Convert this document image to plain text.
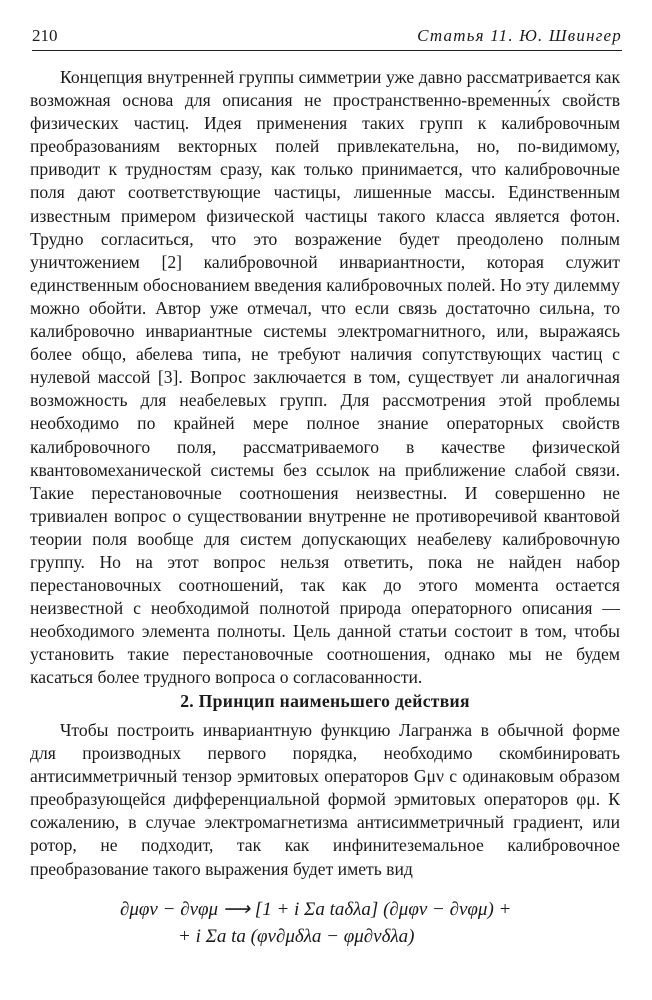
210	Статья 11. Ю. Швингер

Концепция внутренней группы симметрии уже давно рассматривается как возможная основа для описания не пространственно-временны́х свойств физических частиц. Идея применения таких групп к калибровочным преобразованиям векторных полей привлекательна, но, по-видимому, приводит к трудностям сразу, как только принимается, что калибровочные поля дают соответствующие частицы, лишенные массы. Единственным известным примером физической частицы такого класса является фотон. Трудно согласиться, что это возражение будет преодолено полным уничтожением [2] калибровочной инвариантности, которая служит единственным обоснованием введения калибровочных полей. Но эту дилемму можно обойти. Автор уже отмечал, что если связь достаточно сильна, то калибровочно инвариантные системы электромагнитного, или, выражаясь более общо, абелева типа, не требуют наличия сопутствующих частиц с нулевой массой [3]. Вопрос заключается в том, существует ли аналогичная возможность для неабелевых групп. Для рассмотрения этой проблемы необходимо по крайней мере полное знание операторных свойств калибровочного поля, рассматриваемого в качестве физической квантовомеханической системы без ссылок на приближение слабой связи. Такие перестановочные соотношения неизвестны. И совершенно не тривиален вопрос о существовании внутренне не противоречивой квантовой теории поля вообще для систем допускающих неабелеву калибровочную группу. Но на этот вопрос нельзя ответить, пока не найден набор перестановочных соотношений, так как до этого момента остается неизвестной с необходимой полнотой природа операторного описания — необходимого элемента полноты. Цель данной статьи состоит в том, чтобы установить такие перестановочные соотношения, однако мы не будем касаться более трудного вопроса о согласованности.

2. Принцип наименьшего действия

Чтобы построить инвариантную функцию Лагранжа в обычной форме для производных первого порядка, необходимо скомбинировать антисимметричный тензор эрмитовых операторов Gμν с одинаковым образом преобразующейся дифференциальной формой эрмитовых операторов φμ. К сожалению, в случае электромагнетизма антисимметричный градиент, или ротор, не подходит, так как инфинитеземальное калибровочное преобразование такого выражения будет иметь вид

∂μφν − ∂νφμ ⟶ [1 + i Σa taδλa] (∂μφν − ∂νφμ) +
+ i Σa ta (φν∂μδλa − φμ∂νδλa)
